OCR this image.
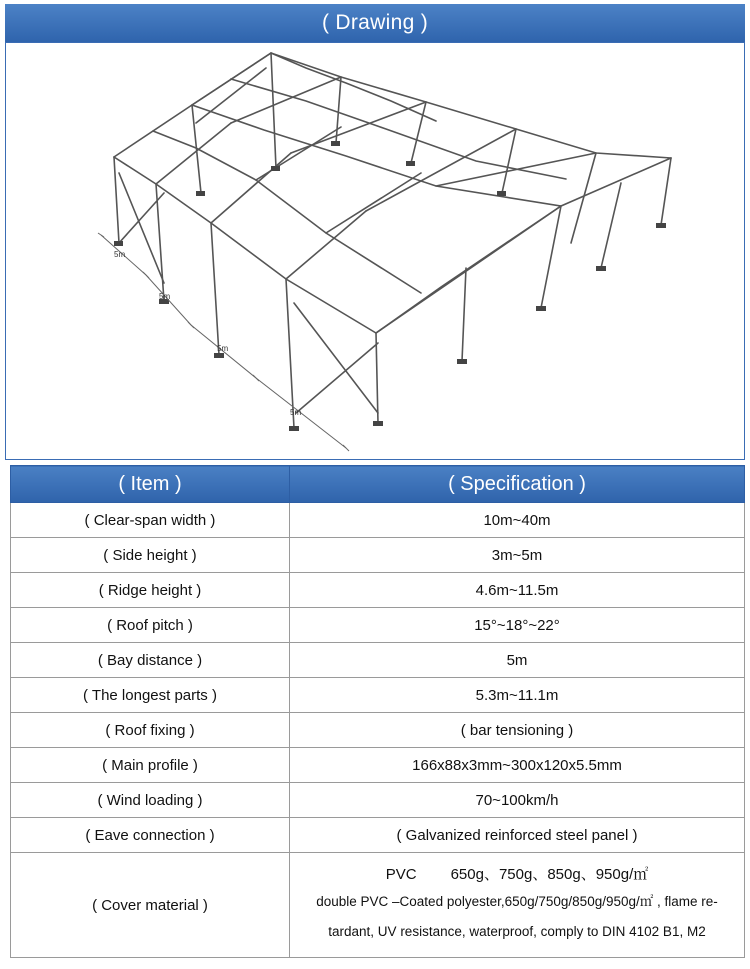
( Drawing )
5m
5m
5m
5m
( Item )	( Specification )
( Clear-span width )	10m~40m
( Side height )	3m~5m
( Ridge height )	4.6m~11.5m
( Roof pitch )	15°~18°~22°
( Bay distance )	5m
( The longest parts )	5.3m~11.1m
( Roof fixing )	( bar tensioning )
( Main profile )	166x88x3mm~300x120x5.5mm
( Wind loading )	70~100km/h
( Eave connection )	( Galvanized reinforced steel panel )
( Cover material )	PVC 650g、750g、850g、950g/㎡
double PVC –Coated polyester,650g/750g/850g/950g/㎡ , flame re-
tardant, UV resistance, waterproof, comply to DIN 4102 B1, M2
